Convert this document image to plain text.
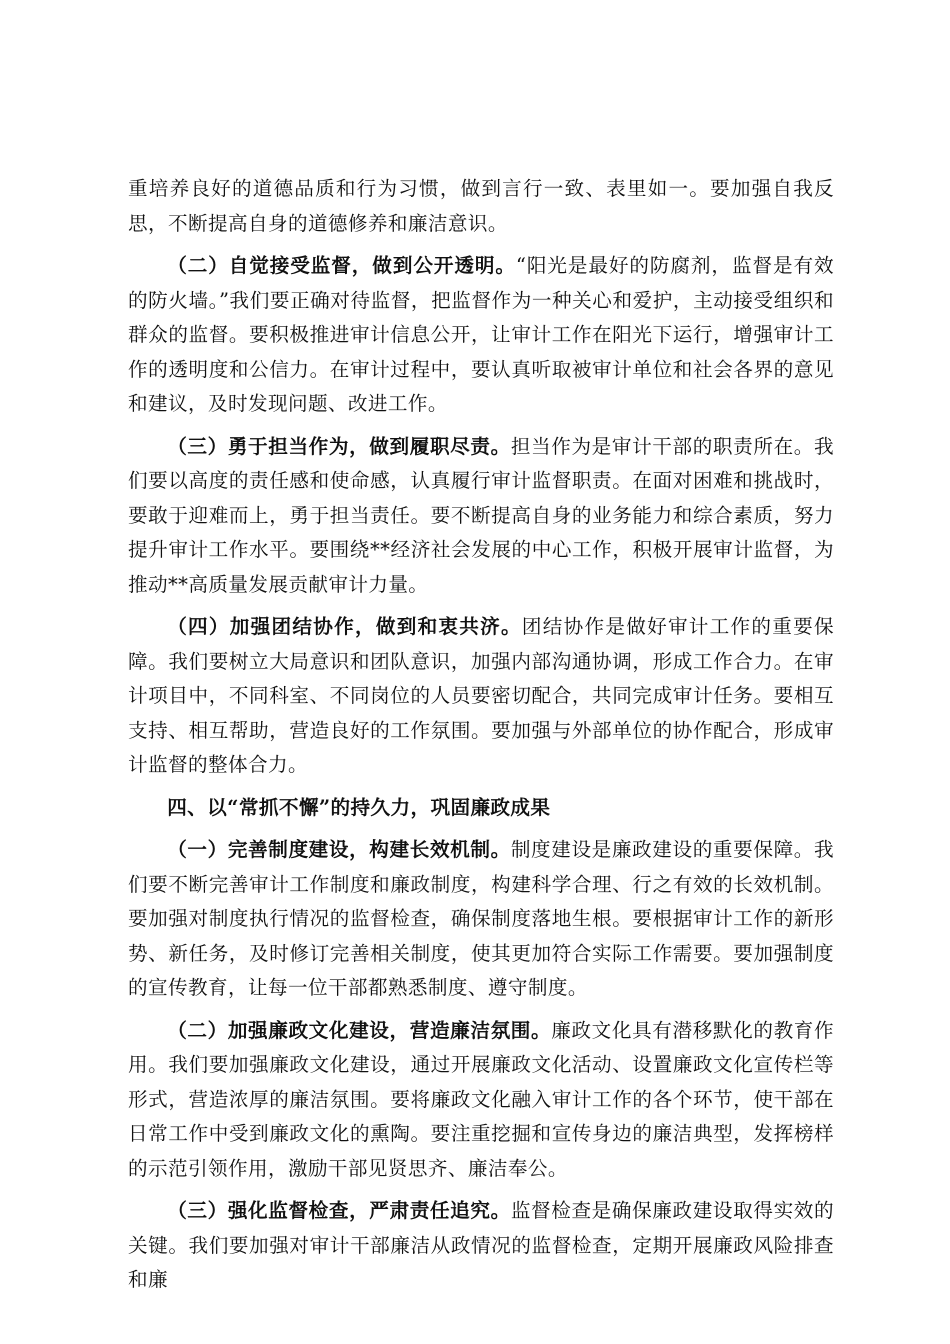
重培养良好的道德品质和行为习惯，做到言行一致、表里如一。要加强自我反思，不断提高自身的道德修养和廉洁意识。

（二）自觉接受监督，做到公开透明。“阳光是最好的防腐剂，监督是有效的防火墙。”我们要正确对待监督，把监督作为一种关心和爱护，主动接受组织和群众的监督。要积极推进审计信息公开，让审计工作在阳光下运行，增强审计工作的透明度和公信力。在审计过程中，要认真听取被审计单位和社会各界的意见和建议，及时发现问题、改进工作。

（三）勇于担当作为，做到履职尽责。担当作为是审计干部的职责所在。我们要以高度的责任感和使命感，认真履行审计监督职责。在面对困难和挑战时，要敢于迎难而上，勇于担当责任。要不断提高自身的业务能力和综合素质，努力提升审计工作水平。要围绕**经济社会发展的中心工作，积极开展审计监督，为推动**高质量发展贡献审计力量。

（四）加强团结协作，做到和衷共济。团结协作是做好审计工作的重要保障。我们要树立大局意识和团队意识，加强内部沟通协调，形成工作合力。在审计项目中，不同科室、不同岗位的人员要密切配合，共同完成审计任务。要相互支持、相互帮助，营造良好的工作氛围。要加强与外部单位的协作配合，形成审计监督的整体合力。

四、以“常抓不懈”的持久力，巩固廉政成果

（一）完善制度建设，构建长效机制。制度建设是廉政建设的重要保障。我们要不断完善审计工作制度和廉政制度，构建科学合理、行之有效的长效机制。要加强对制度执行情况的监督检查，确保制度落地生根。要根据审计工作的新形势、新任务，及时修订完善相关制度，使其更加符合实际工作需要。要加强制度的宣传教育，让每一位干部都熟悉制度、遵守制度。

（二）加强廉政文化建设，营造廉洁氛围。廉政文化具有潜移默化的教育作用。我们要加强廉政文化建设，通过开展廉政文化活动、设置廉政文化宣传栏等形式，营造浓厚的廉洁氛围。要将廉政文化融入审计工作的各个环节，使干部在日常工作中受到廉政文化的熏陶。要注重挖掘和宣传身边的廉洁典型，发挥榜样的示范引领作用，激励干部见贤思齐、廉洁奉公。

（三）强化监督检查，严肃责任追究。监督检查是确保廉政建设取得实效的关键。我们要加强对审计干部廉洁从政情况的监督检查，定期开展廉政风险排查和廉
